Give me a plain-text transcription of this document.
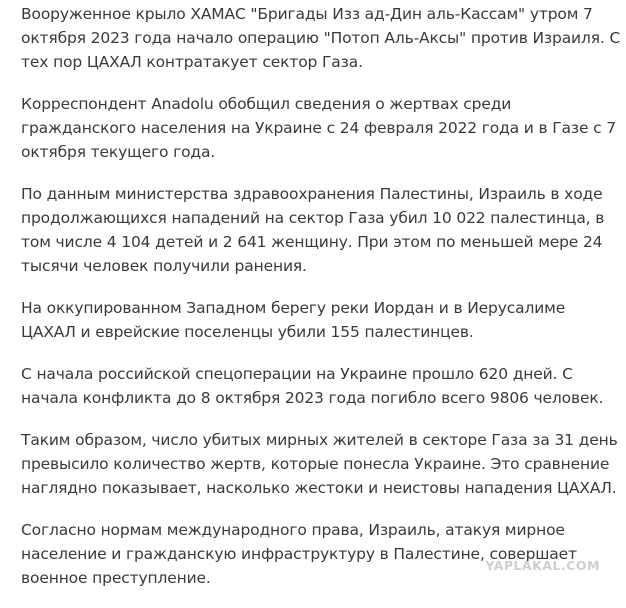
Вооруженное крыло ХАМАС "Бригады Изз ад-Дин аль-Кассам" утром 7 октября 2023 года начало операцию "Потоп Аль-Аксы" против Израиля. С тех пор ЦАХАЛ контратакует сектор Газа.

Корреспондент Anadolu обобщил сведения о жертвах среди гражданского населения на Украине с 24 февраля 2022 года и в Газе с 7 октября текущего года.

По данным министерства здравоохранения Палестины, Израиль в ходе продолжающихся нападений на сектор Газа убил 10 022 палестинца, в том числе 4 104 детей и 2 641 женщину. При этом по меньшей мере 24 тысячи человек получили ранения.

На оккупированном Западном берегу реки Иордан и в Иерусалиме ЦАХАЛ и еврейские поселенцы убили 155 палестинцев.

С начала российской спецоперации на Украине прошло 620 дней. С начала конфликта до 8 октября 2023 года погибло всего 9806 человек.

Таким образом, число убитых мирных жителей в секторе Газа за 31 день превысило количество жертв, которые понесла Украине. Это сравнение наглядно показывает, насколько жестоки и неистовы нападения ЦАХАЛ.

Согласно нормам международного права, Израиль, атакуя мирное население и гражданскую инфраструктуру в Палестине, совершает военное преступление.

YAPLAKAL.COM
